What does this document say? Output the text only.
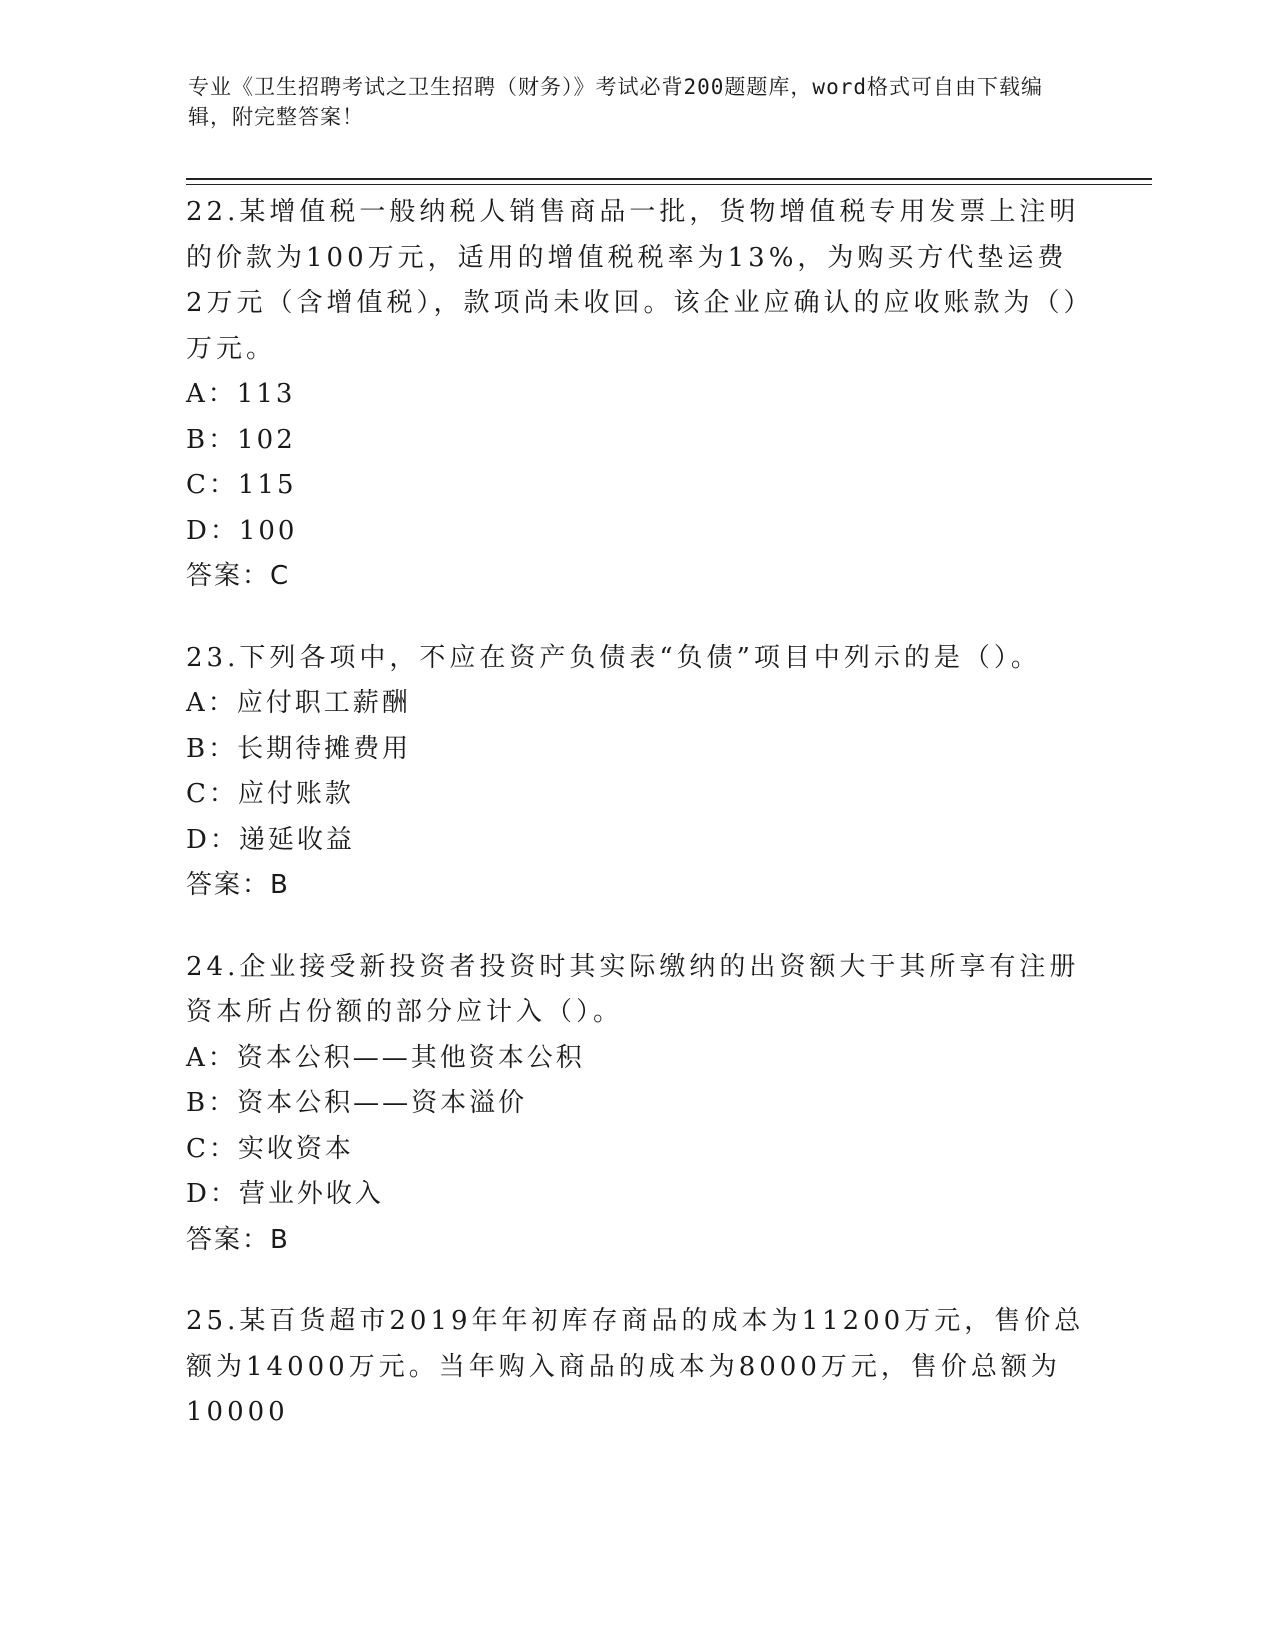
专业《卫生招聘考试之卫生招聘（财务）》考试必背200题题库，word格式可自由下载编辑，附完整答案！

22.某增值税一般纳税人销售商品一批，货物增值税专用发票上注明的价款为100万元，适用的增值税税率为13%，为购买方代垫运费2万元（含增值税），款项尚未收回。该企业应确认的应收账款为（）万元。

A：113

B：102

C：115

D：100

答案：C

23.下列各项中，不应在资产负债表“负债”项目中列示的是（）。

A：应付职工薪酬

B：长期待摊费用

C：应付账款

D：递延收益

答案：B

24.企业接受新投资者投资时其实际缴纳的出资额大于其所享有注册资本所占份额的部分应计入（）。

A：资本公积——其他资本公积

B：资本公积——资本溢价

C：实收资本

D：营业外收入

答案：B

25.某百货超市2019年年初库存商品的成本为11200万元，售价总额为14000万元。当年购入商品的成本为8000万元，售价总额为10000
